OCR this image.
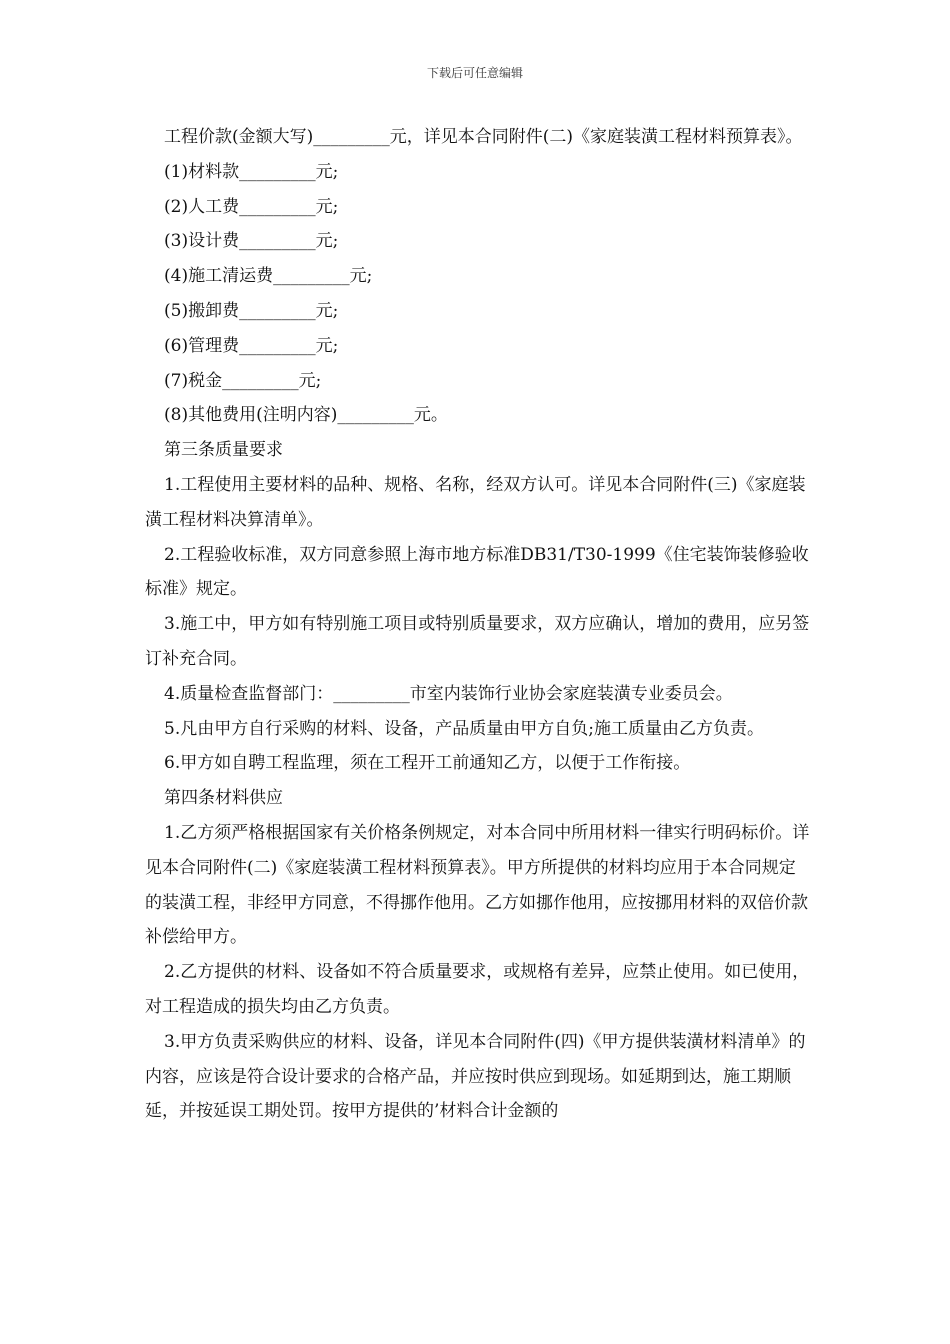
下载后可任意编辑

工程价款(金额大写)_________元，详见本合同附件(二)《家庭装潢工程材料预算表》。

(1)材料款_________元;

(2)人工费_________元;

(3)设计费_________元;

(4)施工清运费_________元;

(5)搬卸费_________元;

(6)管理费_________元;

(7)税金_________元;

(8)其他费用(注明内容)_________元。

第三条质量要求

1.工程使用主要材料的品种、规格、名称，经双方认可。详见本合同附件(三)《家庭装潢工程材料决算清单》。

2.工程验收标准，双方同意参照上海市地方标准DB31/T30-1999《住宅装饰装修验收标准》规定。

3.施工中，甲方如有特别施工项目或特别质量要求，双方应确认，增加的费用，应另签订补充合同。

4.质量检查监督部门：_________市室内装饰行业协会家庭装潢专业委员会。

5.凡由甲方自行采购的材料、设备，产品质量由甲方自负;施工质量由乙方负责。

6.甲方如自聘工程监理，须在工程开工前通知乙方，以便于工作衔接。

第四条材料供应

1.乙方须严格根据国家有关价格条例规定，对本合同中所用材料一律实行明码标价。详见本合同附件(二)《家庭装潢工程材料预算表》。甲方所提供的材料均应用于本合同规定的装潢工程，非经甲方同意，不得挪作他用。乙方如挪作他用，应按挪用材料的双倍价款补偿给甲方。

2.乙方提供的材料、设备如不符合质量要求，或规格有差异，应禁止使用。如已使用，对工程造成的损失均由乙方负责。

3.甲方负责采购供应的材料、设备，详见本合同附件(四)《甲方提供装潢材料清单》的内容，应该是符合设计要求的合格产品，并应按时供应到现场。如延期到达，施工期顺延，并按延误工期处罚。按甲方提供的’材料合计金额的
